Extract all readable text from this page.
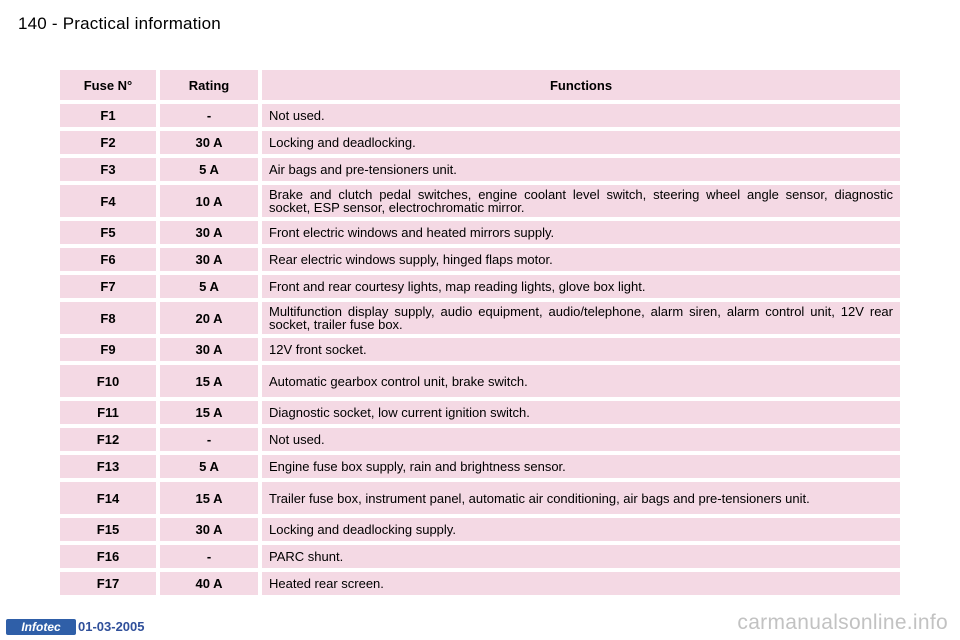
140 - Practical information
Fuse N°	Rating	Functions
F1	-	Not used.
F2	30 A	Locking and deadlocking.
F3	5 A	Air bags and pre-tensioners unit.
F4	10 A	Brake and clutch pedal switches, engine coolant level switch, steering wheel angle sensor, diagnostic socket, ESP sensor, electrochromatic mirror.
F5	30 A	Front electric windows and heated mirrors supply.
F6	30 A	Rear electric windows supply, hinged flaps motor.
F7	5 A	Front and rear courtesy lights, map reading lights, glove box light.
F8	20 A	Multifunction display supply, audio equipment, audio/telephone, alarm siren, alarm control unit, 12V rear socket, trailer fuse box.
F9	30 A	12V front socket.
F10	15 A	Automatic gearbox control unit, brake switch.
F11	15 A	Diagnostic socket, low current ignition switch.
F12	-	Not used.
F13	5 A	Engine fuse box supply, rain and brightness sensor.
F14	15 A	Trailer fuse box, instrument panel, automatic air conditioning, air bags and pre-tensioners unit.
F15	30 A	Locking and deadlocking supply.
F16	-	PARC shunt.
F17	40 A	Heated rear screen.
Infotec 01-03-2005	carmanualsonline.info
